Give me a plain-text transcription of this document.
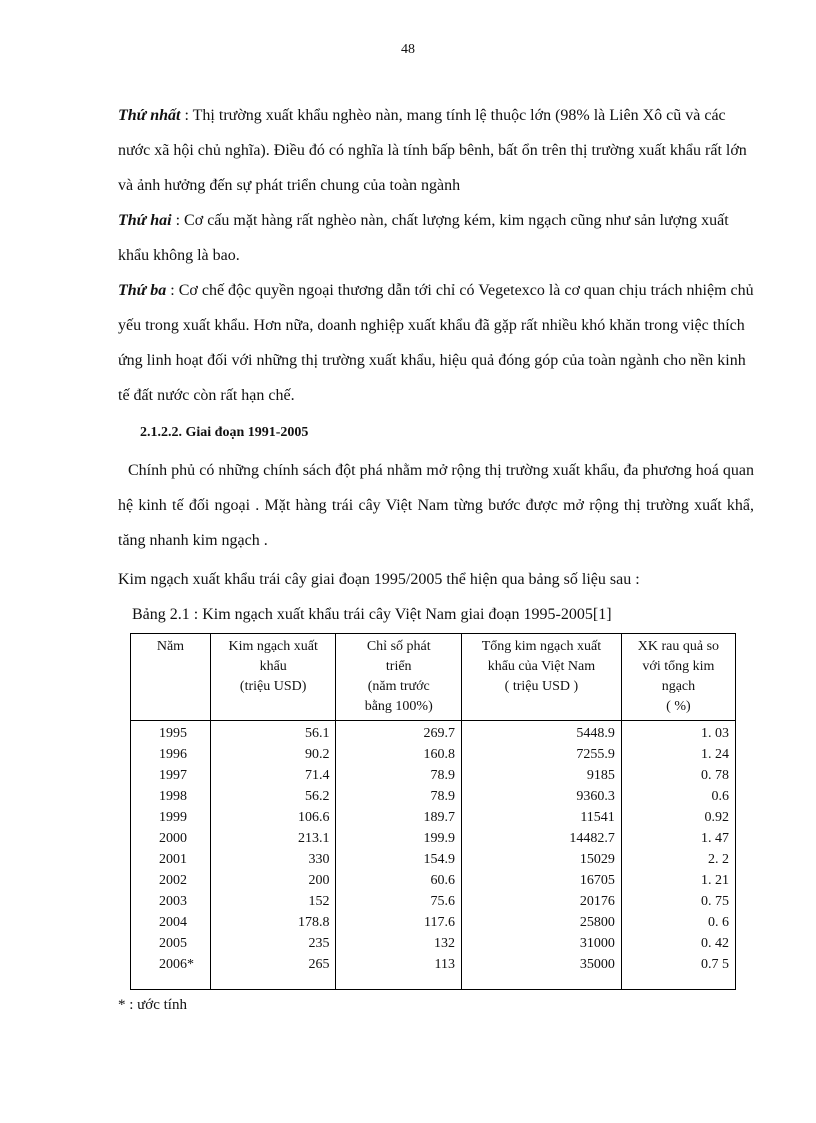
48

Thứ nhất : Thị trường xuất khẩu nghèo nàn, mang tính lệ thuộc lớn (98% là Liên Xô cũ và các nước xã hội chủ nghĩa). Điều đó có nghĩa là tính bấp bênh, bất ổn trên thị trường xuất khẩu rất lớn và ảnh hưởng đến sự phát triển chung của toàn ngành

Thứ hai : Cơ cấu mặt hàng rất nghèo nàn, chất lượng kém, kim ngạch cũng như sản lượng xuất khẩu không là bao.

Thứ ba : Cơ chế độc quyền ngoại thương dẫn tới chỉ có Vegetexco là cơ quan chịu trách nhiệm chủ yếu trong xuất khẩu. Hơn nữa, doanh nghiệp xuất khẩu đã gặp rất nhiều khó khăn trong việc thích ứng linh hoạt đối với những thị trường xuất khẩu, hiệu quả đóng góp của toàn ngành cho nền kinh tế đất nước còn rất hạn chế.

2.1.2.2. Giai đoạn 1991-2005

Chính phủ có những chính sách đột phá nhằm mở rộng thị trường xuất khẩu, đa phương hoá quan hệ kinh tế đối ngoại . Mặt hàng trái cây Việt Nam từng bước được mở rộng thị trường xuất khẩ, tăng nhanh kim ngạch .

Kim ngạch xuất khẩu trái cây giai đoạn 1995/2005 thể hiện qua bảng số liệu sau :

Bảng 2.1 : Kim ngạch xuất khẩu trái cây Việt Nam giai đoạn 1995-2005[1]
Năm	Kim ngạch xuất
khẩu
(triệu USD)	Chỉ số phát
triển
(năm trước
bằng 100%)	Tổng kim ngạch xuất
khẩu của Việt Nam
( triệu USD )	XK rau quả so
với tổng kim
ngạch
( %)
1995	56.1	269.7	5448.9	1. 03
1996	90.2	160.8	7255.9	1. 24
1997	71.4	78.9	9185	0. 78
1998	56.2	78.9	9360.3	0.6
1999	106.6	189.7	11541	0.92
2000	213.1	199.9	14482.7	1. 47
2001	330	154.9	15029	2. 2
2002	200	60.6	16705	1. 21
2003	152	75.6	20176	0. 75
2004	178.8	117.6	25800	0. 6
2005	235	132	31000	0. 42
2006*	265	113	35000	0.7 5

* : ước tính
